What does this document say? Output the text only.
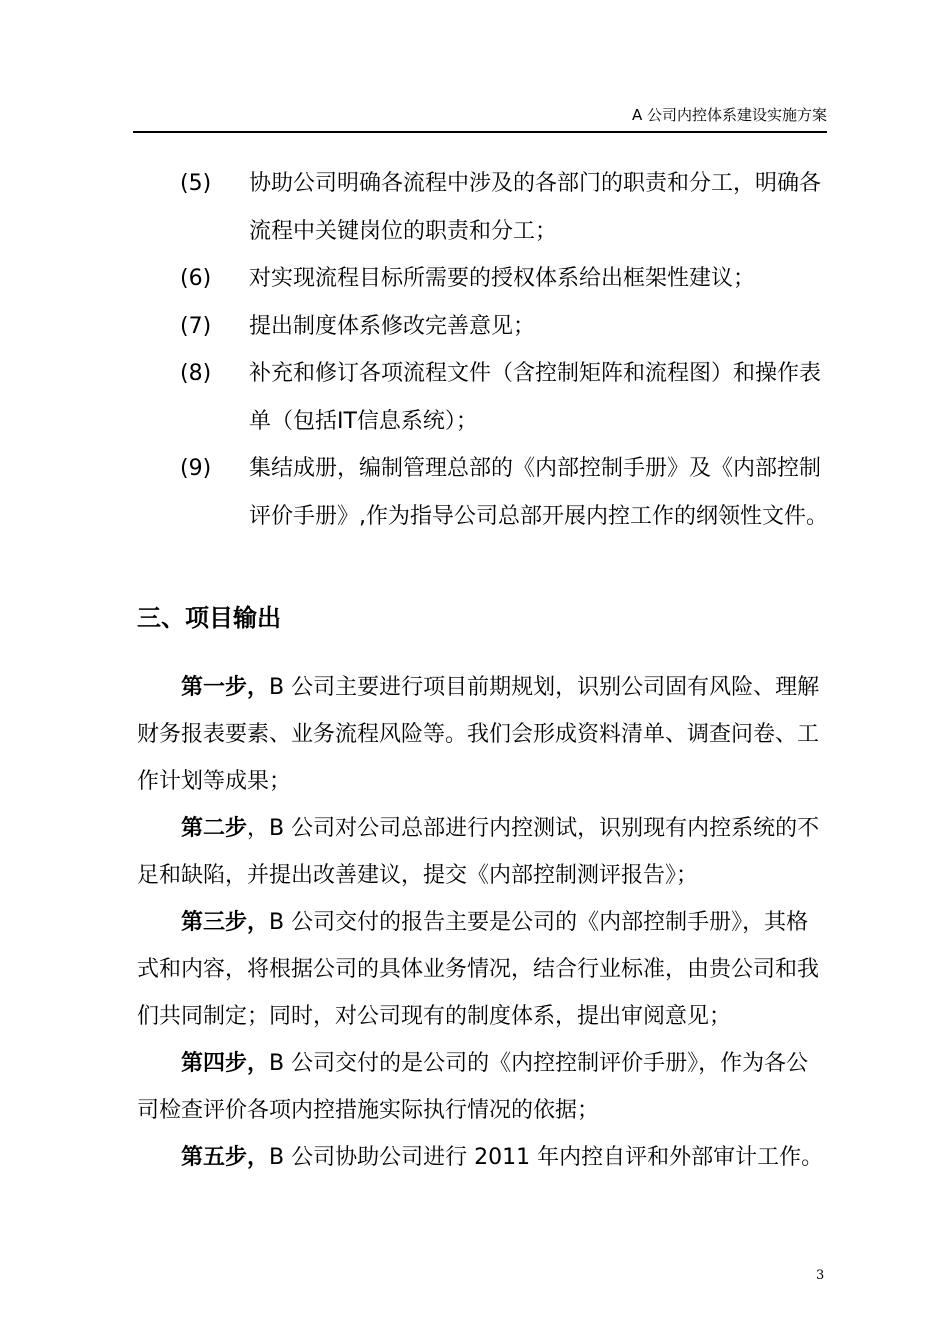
A 公司内控体系建设实施方案
(5) 协助公司明确各流程中涉及的各部门的职责和分工，明确各流程中关键岗位的职责和分工；
(6) 对实现流程目标所需要的授权体系给出框架性建议；
(7) 提出制度体系修改完善意见；
(8) 补充和修订各项流程文件（含控制矩阵和流程图）和操作表单（包括IT信息系统）；
(9) 集结成册，编制管理总部的《内部控制手册》及《内部控制评价手册》,作为指导公司总部开展内控工作的纲领性文件。
三、项目输出

第一步，B 公司主要进行项目前期规划，识别公司固有风险、理解财务报表要素、业务流程风险等。我们会形成资料清单、调查问卷、工作计划等成果；

第二步，B 公司对公司总部进行内控测试，识别现有内控系统的不足和缺陷，并提出改善建议，提交《内部控制测评报告》；

第三步，B 公司交付的报告主要是公司的《内部控制手册》，其格式和内容，将根据公司的具体业务情况，结合行业标准，由贵公司和我们共同制定；同时，对公司现有的制度体系，提出审阅意见；

第四步，B 公司交付的是公司的《内控控制评价手册》，作为各公司检查评价各项内控措施实际执行情况的依据；

第五步，B 公司协助公司进行 2011 年内控自评和外部审计工作。

3
